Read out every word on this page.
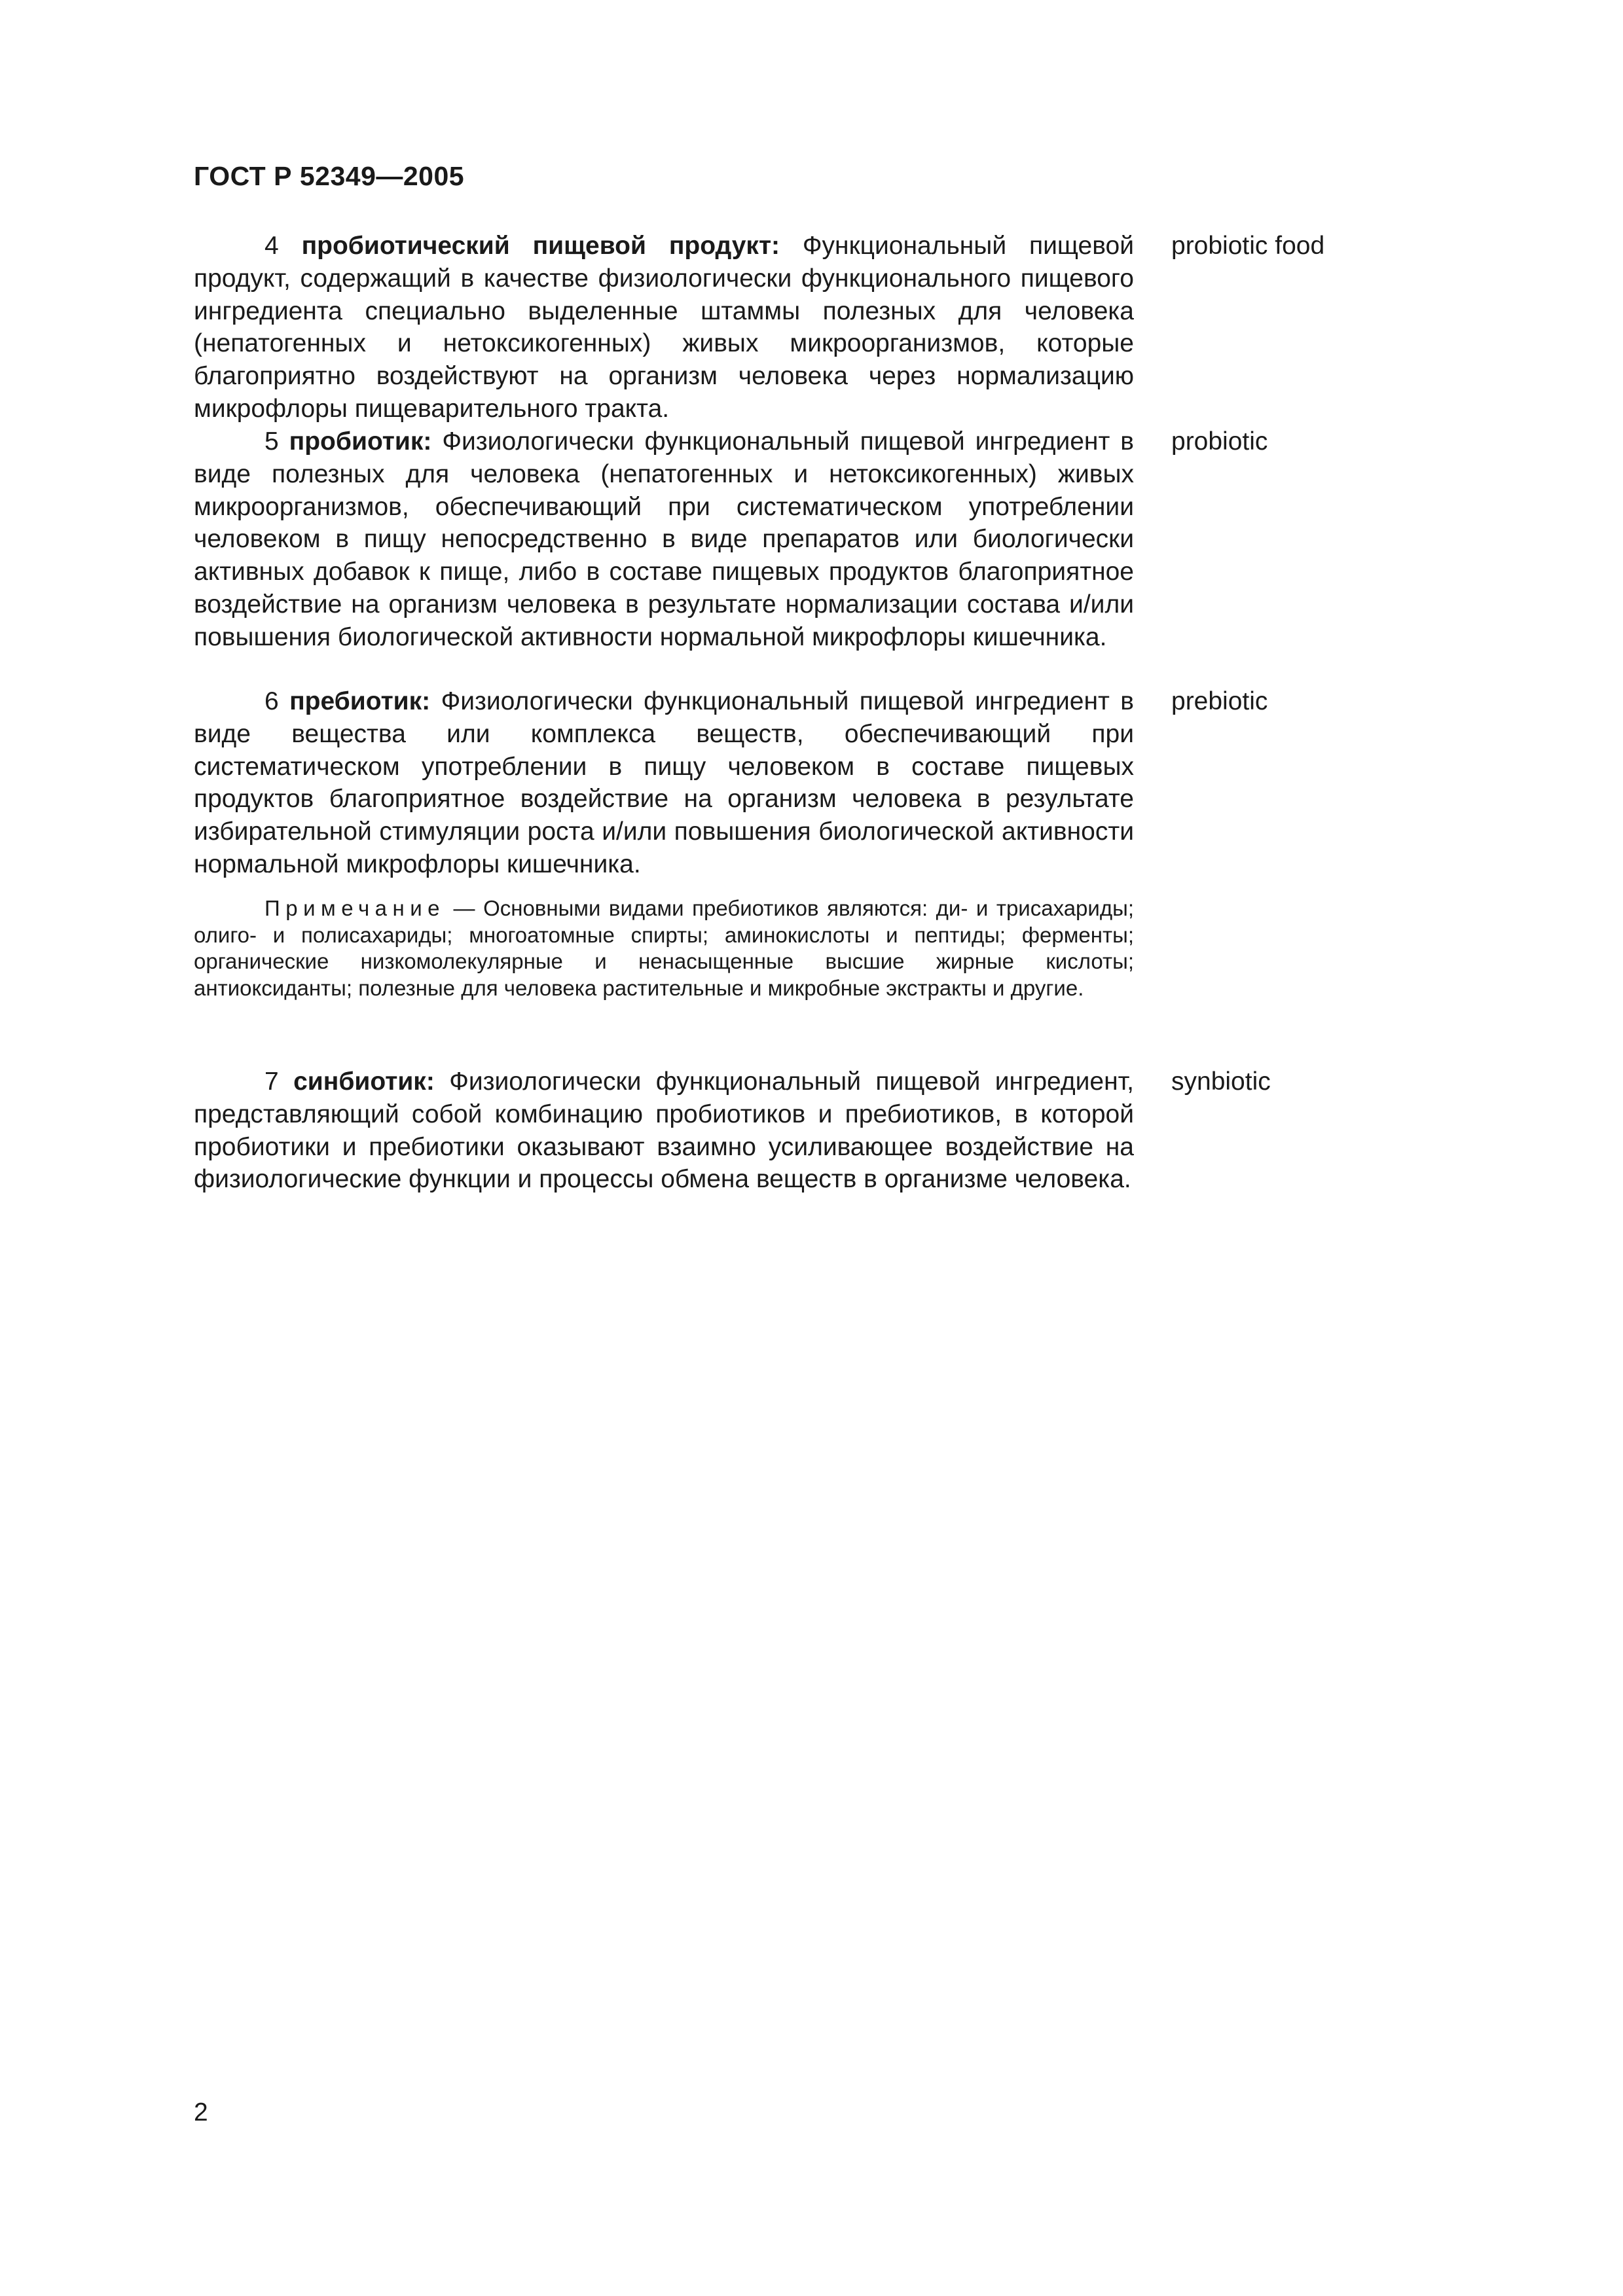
ГОСТ Р 52349—2005

4 пробиотический пищевой продукт: Функциональный пищевой продукт, содержащий в качестве физиологически функционального пищевого ингредиента специально выделенные штаммы полезных для человека (непатогенных и нетоксикогенных) живых микроорганизмов, которые благоприятно воздействуют на организм человека через нормализацию микрофлоры пищеварительного тракта.

probiotic food

5 пробиотик: Физиологически функциональный пищевой ингредиент в виде полезных для человека (непатогенных и нетоксикогенных) живых микроорганизмов, обеспечивающий при систематическом употреблении человеком в пищу непосредственно в виде препаратов или биологически активных добавок к пище, либо в составе пищевых продуктов благоприятное воздействие на организм человека в результате нормализации состава и/или повышения биологической активности нормальной микрофлоры кишечника.

probiotic

6 пребиотик: Физиологически функциональный пищевой ингредиент в виде вещества или комплекса веществ, обеспечивающий при систематическом употреблении в пищу человеком в составе пищевых продуктов благоприятное воздействие на организм человека в результате избирательной стимуляции роста и/или повышения биологической активности нормальной микрофлоры кишечника.

prebiotic

Примечание — Основными видами пребиотиков являются: ди- и трисахариды; олиго- и полисахариды; многоатомные спирты; аминокислоты и пептиды; ферменты; органические низкомолекулярные и ненасыщенные высшие жирные кислоты; антиоксиданты; полезные для человека растительные и микробные экстракты и другие.

7 синбиотик: Физиологически функциональный пищевой ингредиент, представляющий собой комбинацию пробиотиков и пребиотиков, в которой пробиотики и пребиотики оказывают взаимно усиливающее воздействие на физиологические функции и процессы обмена веществ в организме человека.

synbiotic
2
